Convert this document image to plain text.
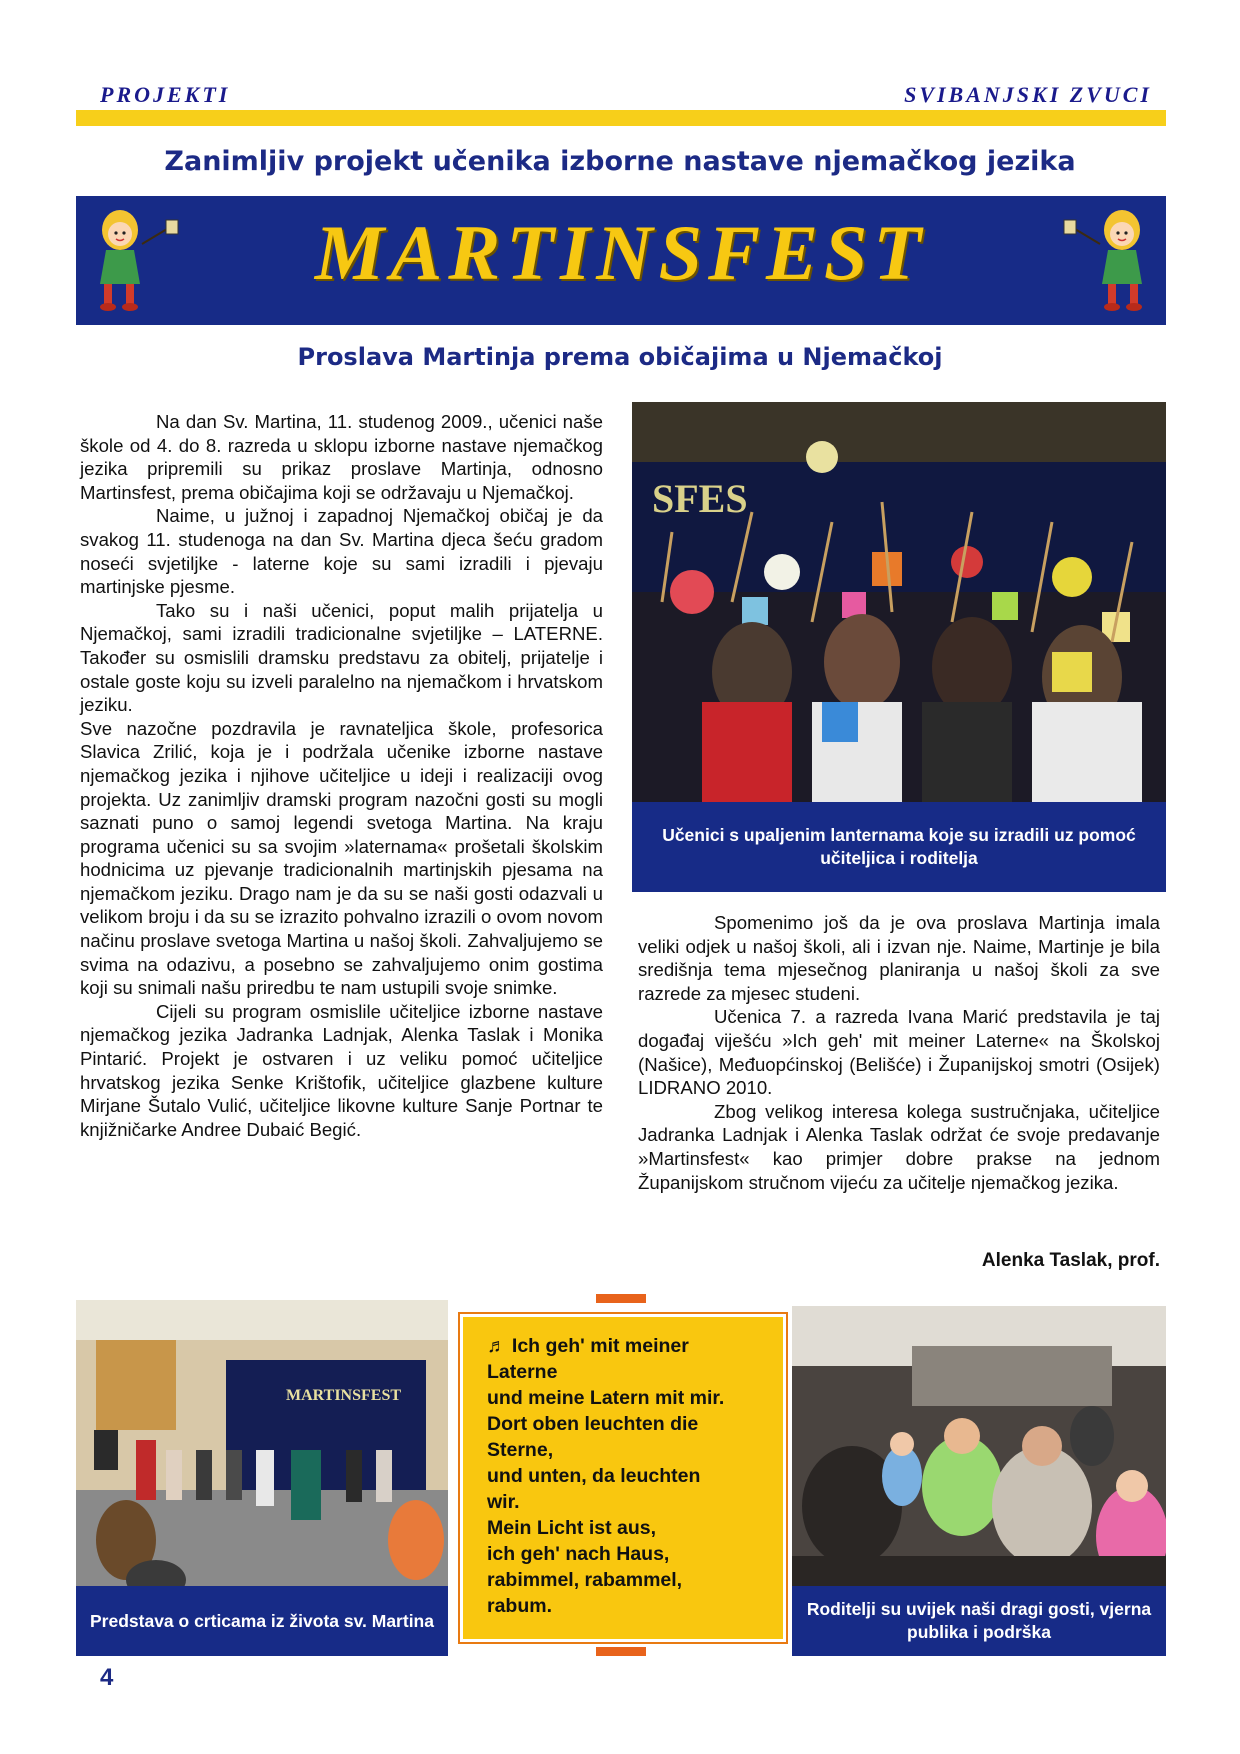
PROJEKTI	SVIBANJSKI ZVUCI
Zanimljiv projekt učenika izborne nastave njemačkog jezika
MARTINSFEST
Proslava Martinja prema običajima u Njemačkoj

Na dan Sv. Martina, 11. studenog 2009., učenici naše škole od 4. do 8. razreda u sklopu izborne nastave njemačkog jezika pripremili su prikaz proslave Martinja, odnosno Martinsfest, prema običajima koji se održavaju u Njemačkoj.

Naime, u južnoj i zapadnoj Njemačkoj običaj je da svakog 11. studenoga na dan Sv. Martina djeca šeću gradom noseći svjetiljke - laterne koje su sami izradili i pjevaju martinjske pjesme.

Tako su i naši učenici, poput malih prijatelja u Njemačkoj, sami izradili tradicionalne svjetiljke – LATERNE. Također su osmislili dramsku predstavu za obitelj, prijatelje i ostale goste koju su izveli paralelno na njemačkom i hrvatskom jeziku.

Sve nazočne pozdravila je ravnateljica škole, profesorica Slavica Zrilić, koja je i podržala učenike izborne nastave njemačkog jezika i njihove učiteljice u ideji i realizaciji ovog projekta. Uz zanimljiv dramski program nazočni gosti su mogli saznati puno o samoj legendi svetoga Martina. Na kraju programa učenici su sa svojim »laternama« prošetali školskim hodnicima uz pjevanje tradicionalnih martinjskih pjesama na njemačkom jeziku. Drago nam je da su se naši gosti odazvali u velikom broju i da su se izrazito pohvalno izrazili o ovom novom načinu proslave svetoga Martina u našoj školi. Zahvaljujemo se svima na odazivu, a posebno se zahvaljujemo onim gostima koji su snimali našu priredbu te nam ustupili svoje snimke.

Cijeli su program osmislile učiteljice izborne nastave njemačkog jezika Jadranka Ladnjak, Alenka Taslak i Monika Pintarić. Projekt je ostvaren i uz veliku pomoć učiteljice hrvatskog jezika Senke Krištofik, učiteljice glazbene kulture Mirjane Šutalo Vulić, učiteljice likovne kulture Sanje Portnar te knjižničarke Andree Dubaić Begić.

SFES
Učenici s upaljenim lanternama koje su izradili uz pomoć učiteljica i roditelja

Spomenimo još da je ova proslava Martinja imala veliki odjek u našoj školi, ali i izvan nje. Naime, Martinje je bila središnja tema mjesečnog planiranja u našoj školi za sve razrede za mjesec studeni.

Učenica 7. a razreda Ivana Marić predstavila je taj događaj viješću »Ich geh' mit meiner Laterne« na Školskoj (Našice), Međuopćinskoj (Belišće) i Županijskoj smotri (Osijek) LIDRANO 2010.

Zbog velikog interesa kolega sustručnjaka, učiteljice Jadranka Ladnjak i Alenka Taslak održat će svoje predavanje »Martinsfest« kao primjer dobre prakse na jednom Županijskom stručnom vijeću za učitelje njemačkog jezika.

Alenka Taslak, prof.
MARTINSFEST
Predstava o crticama iz života sv. Martina
♬ Ich geh' mit meiner
Laterne
und meine Latern mit mir.
Dort oben leuchten die
Sterne,
und unten, da leuchten
wir.
Mein Licht ist aus,
ich geh' nach Haus,
rabimmel, rabammel,
rabum.	Roditelji su uvijek naši dragi gosti, vjerna publika i podrška
4
